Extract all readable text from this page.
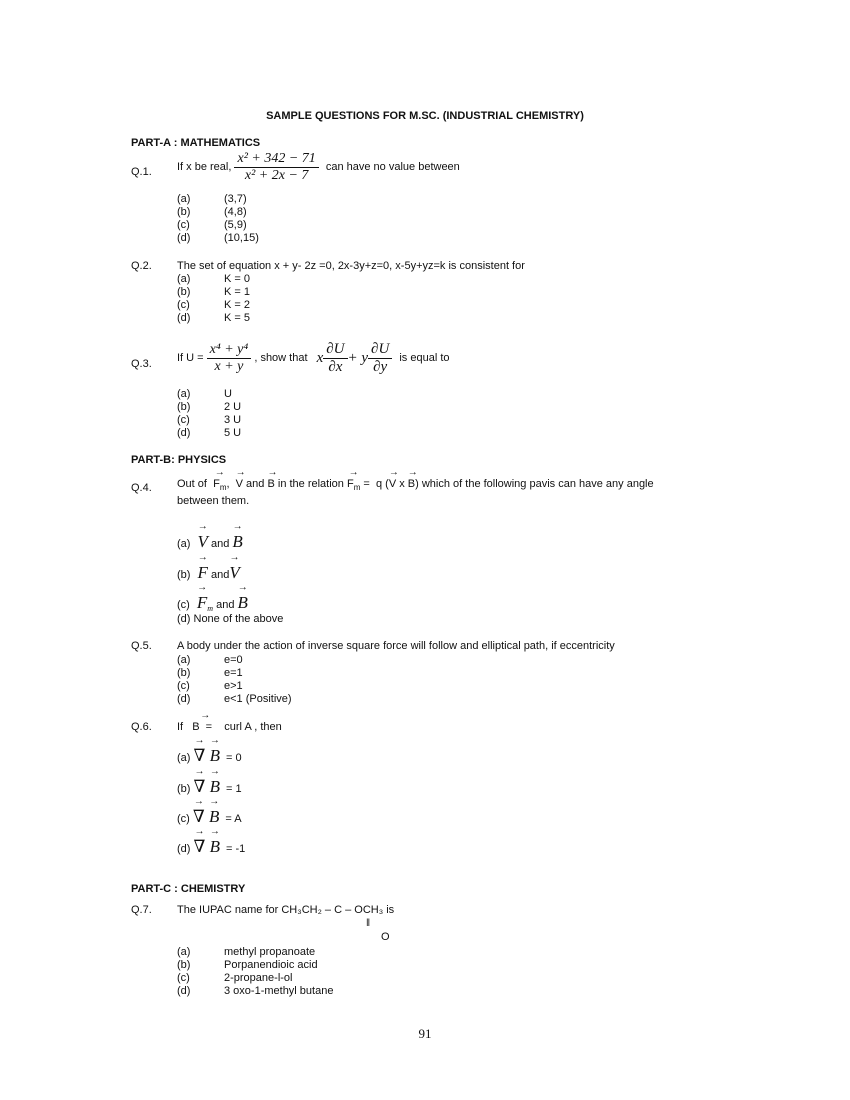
SAMPLE QUESTIONS FOR M.SC. (INDUSTRIAL CHEMISTRY)
PART-A : MATHEMATICS
Q.1. If x be real, $\frac{\text{x² + 342 − 71}}{\text{x² + 2x − 7}}$ can have no value between
(a)	(3,7)
(b)	(4,8)
(c)	(5,9)
(d)	(10,15)
Q.2. The set of equation x + y- 2z =0, 2x-3y+z=0, x-5y+yz=k is consistent for
(a)	K = 0
(b)	K = 1
(c)	K = 2
(d)	K = 5
Q.3. If $U = \frac{\text{x⁴ + y⁴}}{x + y}$ , show that x $\frac{\partial U}{\partial x} + y \frac{\partial U}{\partial y}$ is equal to
(a)	U
(b)	2 U
(c)	3 U
(d)	5 U
PART-B: PHYSICS
Q.4. Out of  $F_m$
→
,  V
→
and B
→
in the relation $F_m$
→
=  q (V
→
x B
→
) which of the following pavis can have any angle
between them.
(a) V
→
and B
→
(b) F
→
andV
→
(c) F
→
$_m$ and B
→
(d) None of the above
Q.5. A body under the action of inverse square force will follow and elliptical path, if eccentricity
(a)	e=0
(b)	e=1
(c)	e>1
(d)	e<1 (Positive)
Q.6. If   B
→
=    curl A , then
(a) ∇
→
B
→
= 0
(b) ∇
→
B
→
= 1
(c) ∇
→
B
→
= A
(d) ∇
→
B
→
= -1
PART-C : CHEMISTRY
Q.7. The IUPAC name for CH₃CH₂ – C – OCH₃ is
ǁ
O
(a)	methyl propanoate
(b)	Porpanendioic acid
(c)	2-propane-l-ol
(d)	3 oxo-1-methyl butane
91
